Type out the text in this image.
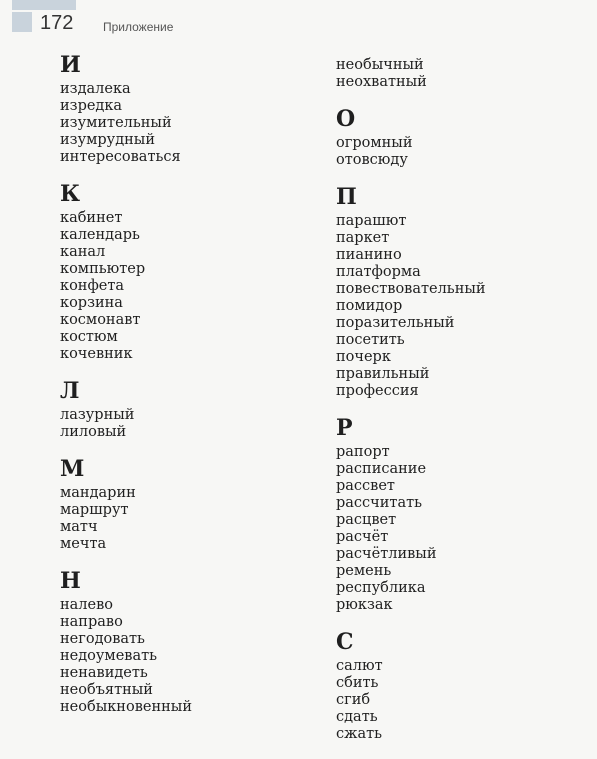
172 Приложение
И
издалека
изредка
изумительный
изумрудный
интересоваться
К
кабинет
календарь
канал
компьютер
конфета
корзина
космонавт
костюм
кочевник
Л
лазурный
лиловый
М
мандарин
маршрут
матч
мечта
Н
налево
направо
негодовать
недоумевать
ненавидеть
необъятный
необыкновенный
необычный
неохватный
О
огромный
отовсюду
П
парашют
паркет
пианино
платформа
повествовательный
помидор
поразительный
посетить
почерк
правильный
профессия
Р
рапорт
расписание
рассвет
рассчитать
расцвет
расчёт
расчётливый
ремень
республика
рюкзак
С
салют
сбить
сгиб
сдать
сжать
